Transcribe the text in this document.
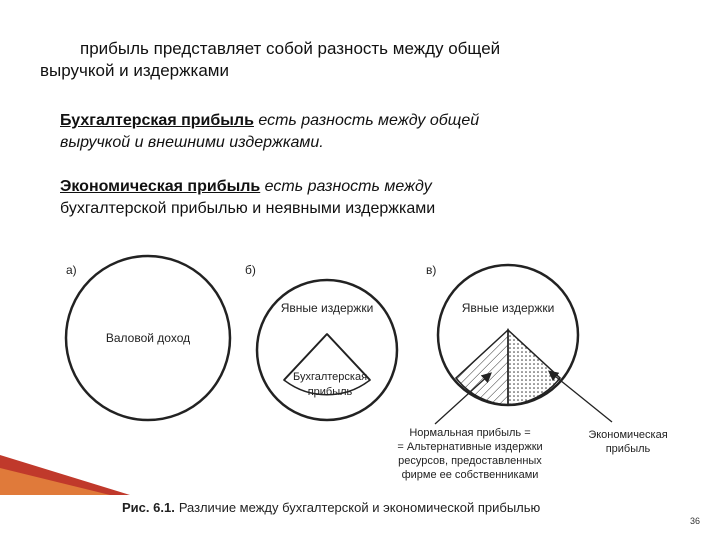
прибыль представляет собой разность между общей
выручкой и издержками
Бухгалтерская прибыль есть разность между общей
выручкой и внешними издержками.
Экономическая прибыль есть разность между
бухгалтерской прибылью и неявными издержками
а)
Валовой доход
б)
Явные издержки
Бухгалтерская
прибыль
в)
Явные издержки
Нормальная прибыль =
= Альтернативные издержки
ресурсов, предоставленных
фирме ее собственниками
Экономическая
прибыль
Рис. 6.1. Различие между бухгалтерской и экономической прибылью
36
